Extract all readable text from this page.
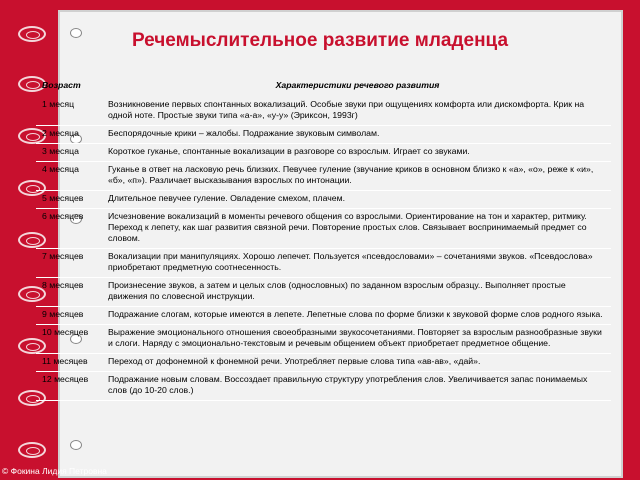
Речемыслительное развитие младенца
Возраст	Характеристики речевого развития
1 месяц	Возникновение первых спонтанных вокализаций. Особые звуки при ощущениях комфорта или дискомфорта. Крик на одной ноте. Простые звуки типа «а-а», «у-у» (Эриксон, 1993г)
2 месяца	Беспорядочные крики – жалобы. Подражание звуковым символам.
3 месяца	Короткое гуканье, спонтанные вокализации в разговоре со взрослым. Играет со звуками.
4 месяца	Гуканье в ответ на ласковую речь близких. Певучее гуление (звучание криков в основном близко к «а», «о», реже к «и», «б», «п»). Различает высказывания взрослых по интонации.
5 месяцев	Длительное певучее гуление. Овладение смехом, плачем.
6 месяцев	Исчезновение вокализаций в моменты речевого общения со взрослыми. Ориентирование на тон и характер, ритмику. Переход к лепету, как шаг развития связной речи. Повторение простых слов. Связывает воспринимаемый предмет со словом.
7 месяцев	Вокализации при манипуляциях. Хорошо лепечет. Пользуется «псевдословами» – сочетаниями звуков. «Псевдослова» приобретают предметную соотнесенность.
8 месяцев	Произнесение звуков, а затем и целых слов (однословных) по заданном взрослым образцу.. Выполняет простые движения по словесной инструкции.
9 месяцев	Подражание слогам, которые имеются в лепете. Лепетные слова по форме близки к звуковой форме слов родного языка.
10 месяцев	Выражение эмоционального отношения своеобразными звукосочетаниями. Повторяет за взрослым разнообразные звуки и слоги. Наряду с эмоционально-текстовым и речевым общением объект приобретает предметное общение.
11 месяцев	Переход от дофонемной к фонемной речи. Употребляет первые слова типа «ав-ав», «дай».
12 месяцев	Подражание новым словам. Воссоздает правильную структуру употребления слов. Увеличивается запас понимаемых слов (до 10-20 слов.)
© Фокина Лидия Петровна
